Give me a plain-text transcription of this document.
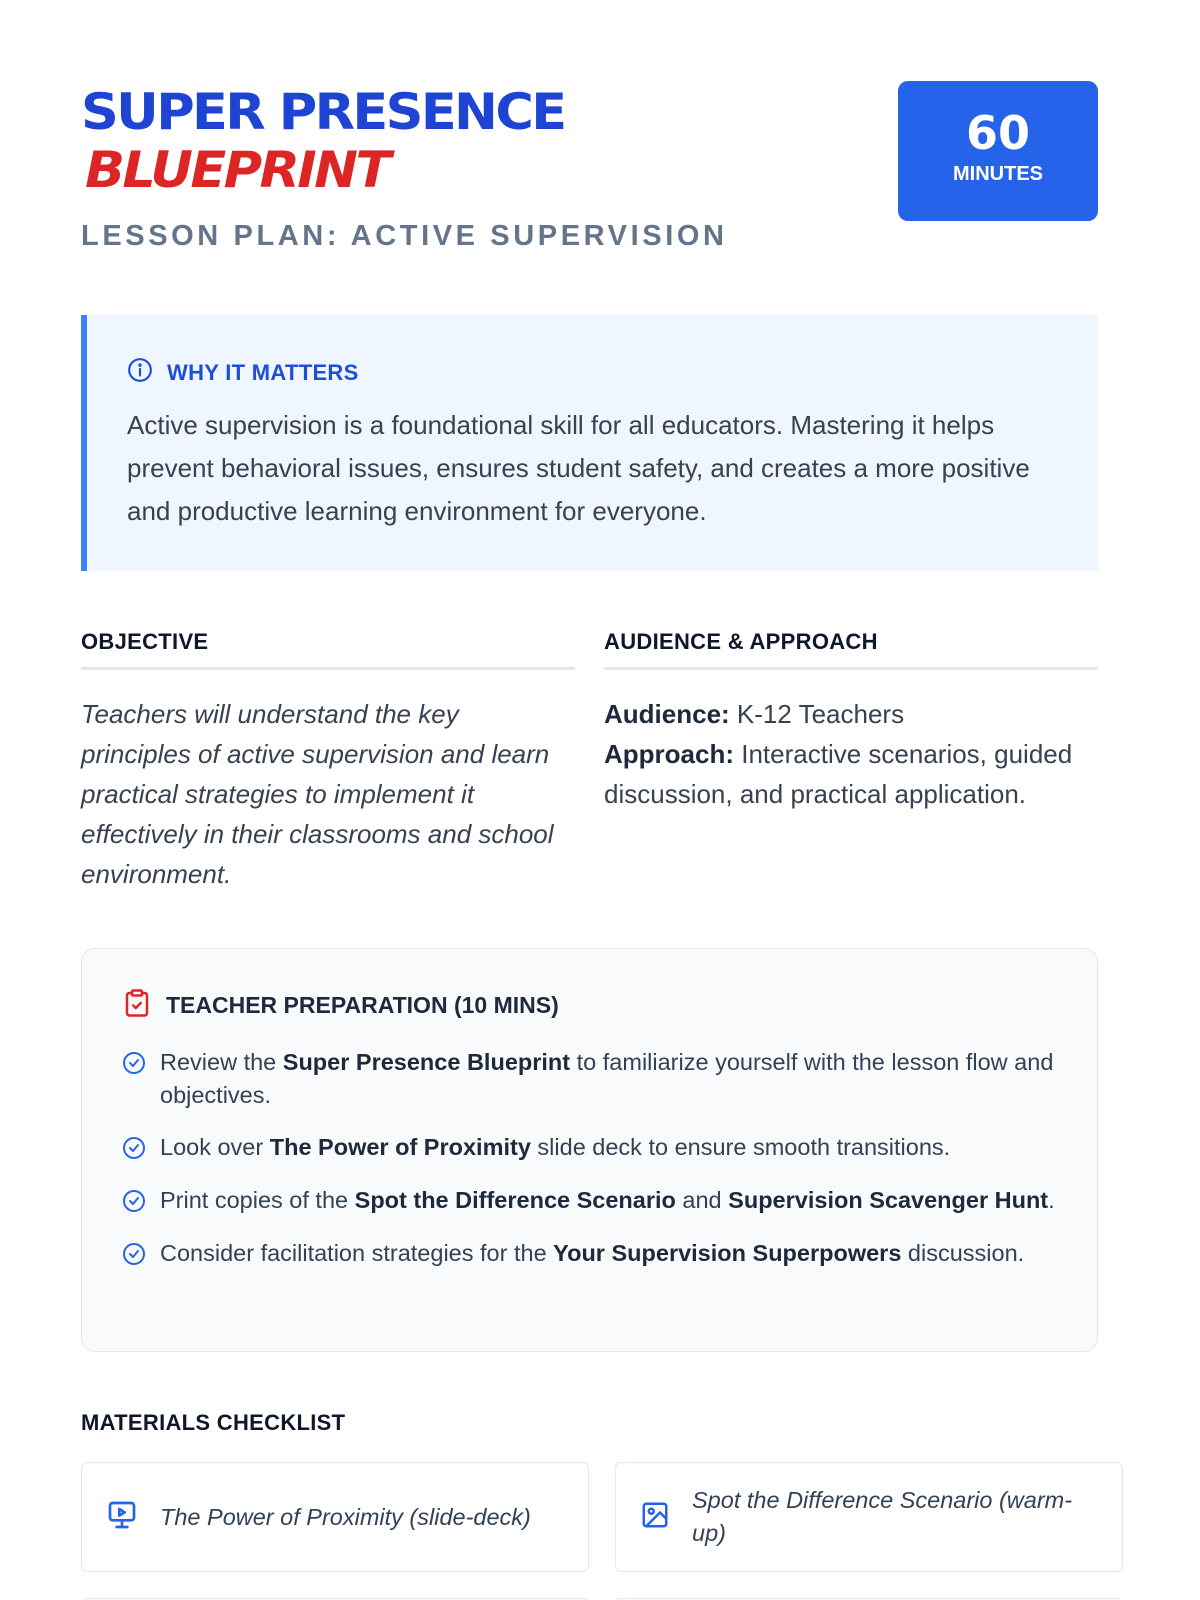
SUPER PRESENCE
BLUEPRINT
LESSON PLAN: ACTIVE SUPERVISION
60
MINUTES
WHY IT MATTERS

Active supervision is a foundational skill for all educators. Mastering it helps prevent behavioral issues, ensures student safety, and creates a more positive and productive learning environment for everyone.

OBJECTIVE

Teachers will understand the key principles of active supervision and learn practical strategies to implement it effectively in their classrooms and school environment.

AUDIENCE & APPROACH
Audience: K-12 Teachers
Approach: Interactive scenarios, guided discussion, and practical application.
TEACHER PREPARATION (10 MINS)
Review the Super Presence Blueprint to familiarize yourself with the lesson flow and objectives.
Look over The Power of Proximity slide deck to ensure smooth transitions.
Print copies of the Spot the Difference Scenario and Supervision Scavenger Hunt.
Consider facilitation strategies for the Your Supervision Superpowers discussion.
MATERIALS CHECKLIST
The Power of Proximity (slide-deck)
Spot the Difference Scenario (warm-up)
